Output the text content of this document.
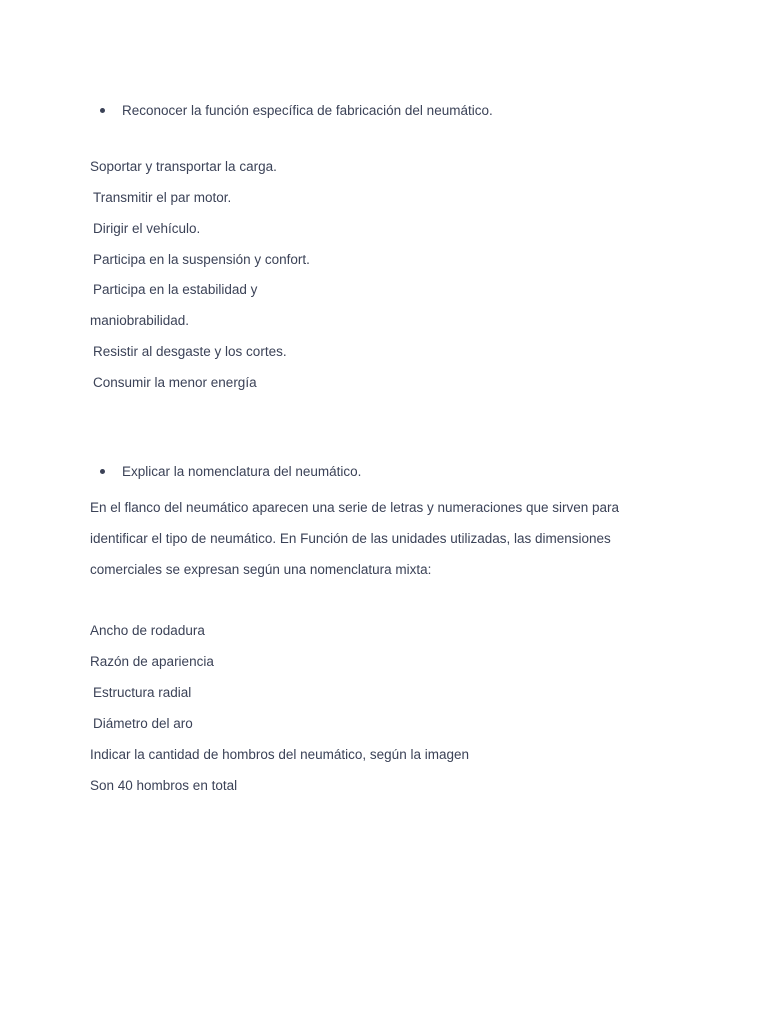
Reconocer la función específica de fabricación del neumático.
Soportar y transportar la carga.
Transmitir el par motor.
Dirigir el vehículo.
Participa en la suspensión y confort.
Participa en la estabilidad y
maniobrabilidad.
Resistir al desgaste y los cortes.
Consumir la menor energía
Explicar la nomenclatura del neumático.
En el flanco del neumático aparecen una serie de letras y numeraciones que sirven para
identificar el tipo de neumático. En Función de las unidades utilizadas, las dimensiones
comerciales se expresan según una nomenclatura mixta:
Ancho de rodadura
Razón de apariencia
Estructura radial
Diámetro del aro
Indicar la cantidad de hombros del neumático, según la imagen
Son 40 hombros en total
